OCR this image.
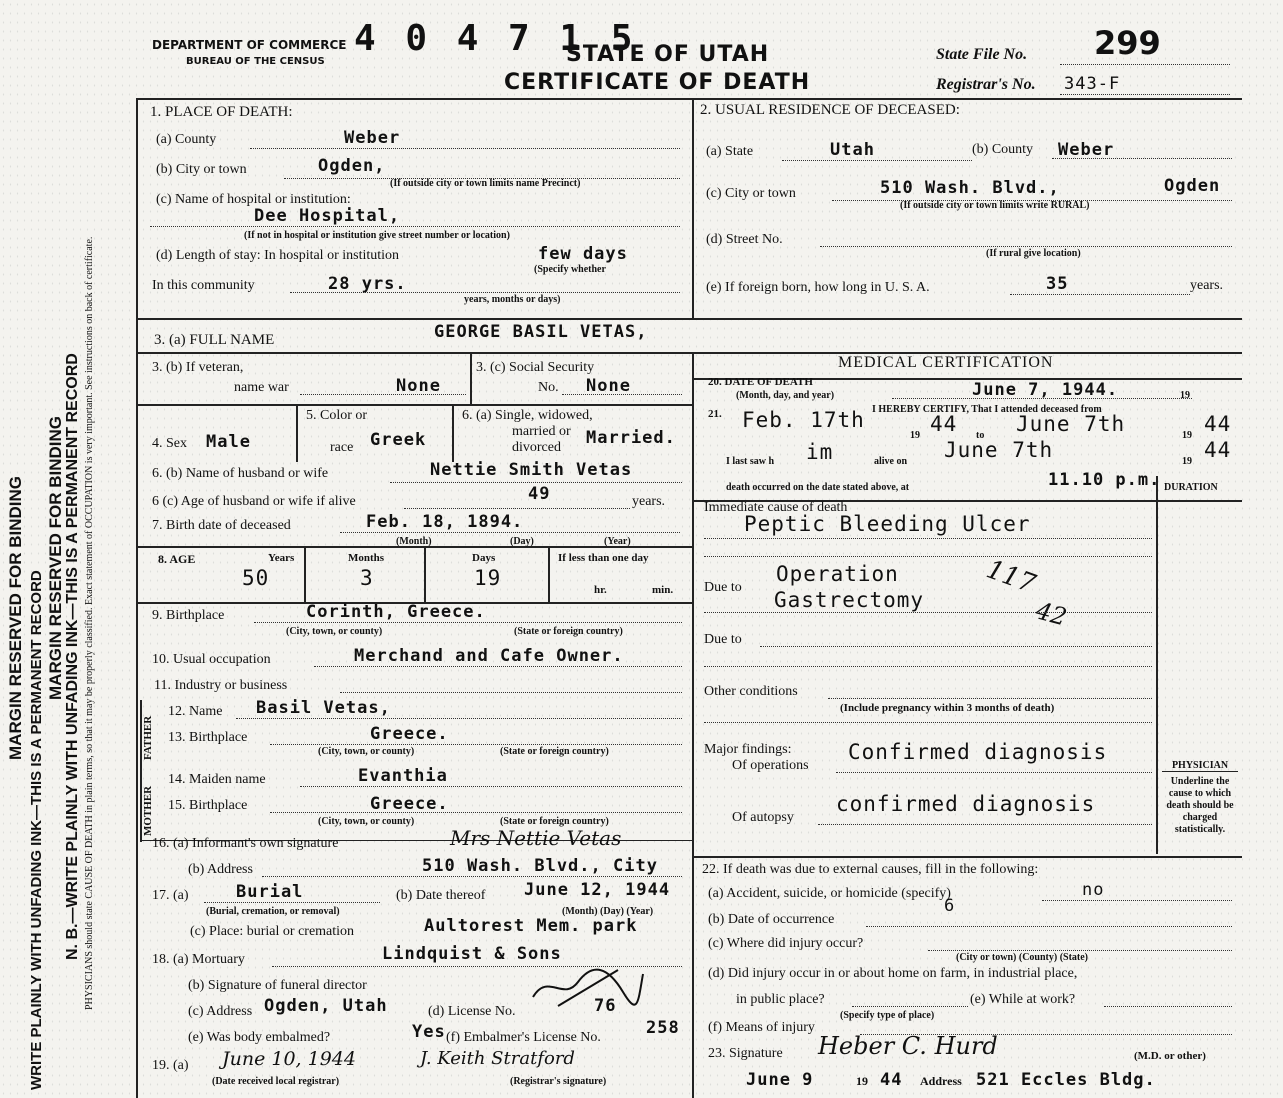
MARGIN RESERVED FOR BINDING WRITE PLAINLY WITH UNFADING INK—THIS IS A PERMANENT RECORD
MARGIN RESERVED FOR BINDING N. B.—WRITE PLAINLY WITH UNFADING INK—THIS IS A PERMANENT RECORD PHYSICIANS should state CAUSE OF DEATH in plain terms, so that it may be properly classified. Exact statement of OCCUPATION is very important. See instructions on back of certificate.
DEPARTMENT OF COMMERCE
BUREAU OF THE CENSUS
4 0 4 7 1 5
STATE OF UTAH
CERTIFICATE OF DEATH
State File No. 299
Registrar's No. 343-F
1. PLACE OF DEATH:
(a) County	Weber
(b) City or town	Ogden,
(If outside city or town limits name Precinct)
(c) Name of hospital or institution:
Dee Hospital,
(If not in hospital or institution give street number or location)
(d) Length of stay: In hospital or institution	few days
(Specify whether
In this community	28 yrs.
years, months or days)
2. USUAL RESIDENCE OF DECEASED:
(a) State	Utah	(b) County Weber
(c) City or town	510 Wash. Blvd.,	Ogden
(If outside city or town limits write RURAL)
(d) Street No.
(If rural give location)
(e) If foreign born, how long in U. S. A.	35	years.
3. (a) FULL NAME	GEORGE BASIL VETAS,
3. (b) If veteran,
name war	None
3. (c) Social Security
No. None
4. Sex Male
5. Color or
race Greek
6. (a) Single, widowed,
married or
divorced Married.
6. (b) Name of husband or wife	Nettie Smith Vetas
6 (c) Age of husband or wife if alive	49	years.
7. Birth date of deceased	Feb. 18, 1894.
(Month)	(Day)	(Year)
8. AGE	Years	Months	Days	If less than one day
50	3	19	hr.	min.
9. Birthplace	Corinth, Greece.
(City, town, or county)	(State or foreign country)
10. Usual occupation	Merchand and Cafe Owner.
11. Industry or business
FATHER
MOTHER
12. Name Basil Vetas,
13. Birthplace	Greece.
(City, town, or county)	(State or foreign country)
14. Maiden name	Evanthia
15. Birthplace	Greece.
(City, town, or county)	(State or foreign country)
16. (a) Informant's own signature	Mrs Nettie Vetas
(b) Address	510 Wash. Blvd., City
17. (a)	Burial
(Burial, cremation, or removal)
(b) Date thereof June 12, 1944
(Month) (Day) (Year)
(c) Place: burial or cremation	Aultorest Mem. park
18. (a) Mortuary	Lindquist & Sons
(b) Signature of funeral director
(c) Address Ogden, Utah	(d) License No.	76
(e) Was body embalmed?	Yes (f) Embalmer's License No.	258
19. (a) June 10, 1944
(Date received local registrar)
J. Keith Stratford
(Registrar's signature)
MEDICAL CERTIFICATION
20. DATE OF DEATH
(Month, day, and year)	June 7, 1944.	19
21.	I HEREBY CERTIFY, That I attended deceased from
Feb. 17th
19 44 to June 7th	19 44
I last saw h im	alive on June 7th	19 44
death occurred on the date stated above, at	11.10 p.m. DURATION
Immediate cause of death
Peptic Bleeding Ulcer
Due to
Operation
Gastrectomy
117
42
Due to
Other conditions
(Include pregnancy within 3 months of death)
Major findings:
Of operations
Confirmed diagnosis
Of autopsy
confirmed diagnosis
PHYSICIAN
Underline the cause to which death should be charged statistically.
22. If death was due to external causes, fill in the following:
(a) Accident, suicide, or homicide (specify)	no
(b) Date of occurrence
6
(c) Where did injury occur?
(City or town) (County) (State)
(d) Did injury occur in or about home on farm, in industrial place,
in public place?	(e) While at work?
(Specify type of place)
(f) Means of injury
23. Signature Heber C. Hurd	(M.D. or other)
June 9	19 44 Address 521 Eccles Bldg.
